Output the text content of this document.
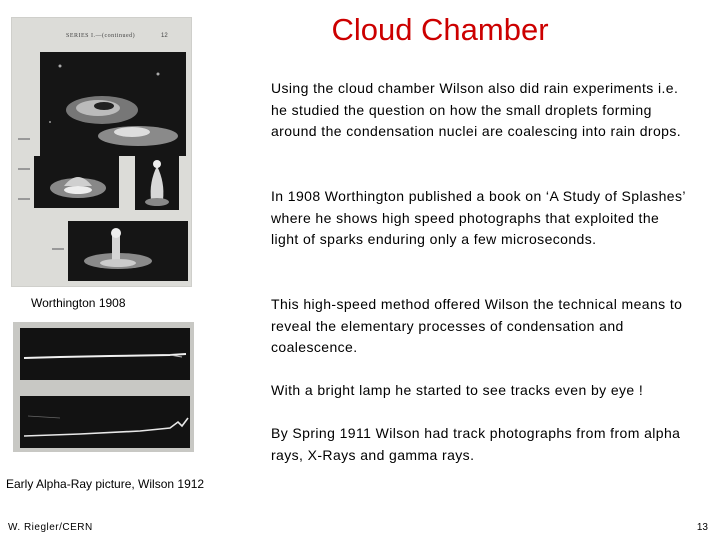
Cloud Chamber

Using the cloud chamber Wilson also did rain experiments i.e. he studied the question on how the small droplets forming around the condensation nuclei are coalescing into rain drops.

In 1908 Worthington published a book on ‘A Study of Splashes’ where he shows high speed photographs that exploited the light of sparks enduring only a few microseconds.

This high-speed method offered Wilson the technical means to reveal the elementary processes of condensation and coalescence.

With a bright lamp he started to see tracks even by eye !

By Spring 1911 Wilson had track photographs from from alpha rays, X-Rays and gamma rays.

SERIES I.—(continued)	12
Worthington 1908
Early Alpha-Ray picture, Wilson 1912
W. Riegler/CERN	13
